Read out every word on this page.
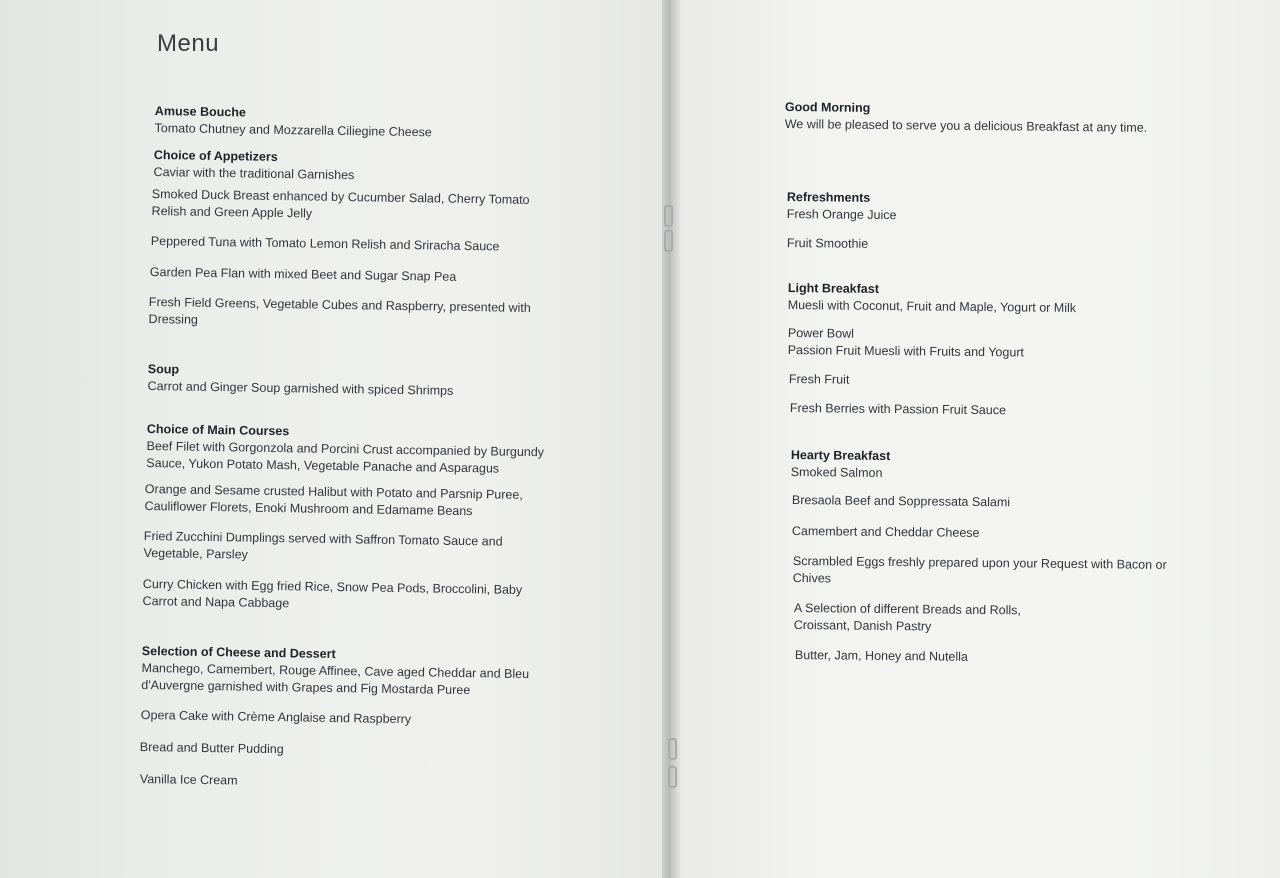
Menu
Amuse Bouche
Tomato Chutney and Mozzarella Ciliegine Cheese
Choice of Appetizers
Caviar with the traditional Garnishes
Smoked Duck Breast enhanced by Cucumber Salad, Cherry Tomato Relish and Green Apple Jelly
Peppered Tuna with Tomato Lemon Relish and Sriracha Sauce
Garden Pea Flan with mixed Beet and Sugar Snap Pea
Fresh Field Greens, Vegetable Cubes and Raspberry, presented with Dressing
Soup
Carrot and Ginger Soup garnished with spiced Shrimps
Choice of Main Courses
Beef Filet with Gorgonzola and Porcini Crust accompanied by Burgundy Sauce, Yukon Potato Mash, Vegetable Panache and Asparagus
Orange and Sesame crusted Halibut with Potato and Parsnip Puree, Cauliflower Florets, Enoki Mushroom and Edamame Beans
Fried Zucchini Dumplings served with Saffron Tomato Sauce and Vegetable, Parsley
Curry Chicken with Egg fried Rice, Snow Pea Pods, Broccolini, Baby Carrot and Napa Cabbage
Selection of Cheese and Dessert
Manchego, Camembert, Rouge Affinee, Cave aged Cheddar and Bleu d'Auvergne garnished with Grapes and Fig Mostarda Puree
Opera Cake with Crème Anglaise and Raspberry
Bread and Butter Pudding
Vanilla Ice Cream
Good Morning
We will be pleased to serve you a delicious Breakfast at any time.
Refreshments
Fresh Orange Juice
Fruit Smoothie
Light Breakfast
Muesli with Coconut, Fruit and Maple, Yogurt or Milk
Power Bowl
Passion Fruit Muesli with Fruits and Yogurt
Fresh Fruit
Fresh Berries with Passion Fruit Sauce
Hearty Breakfast
Smoked Salmon
Bresaola Beef and Soppressata Salami
Camembert and Cheddar Cheese
Scrambled Eggs freshly prepared upon your Request with Bacon or Chives
A Selection of different Breads and Rolls,
Croissant, Danish Pastry
Butter, Jam, Honey and Nutella
